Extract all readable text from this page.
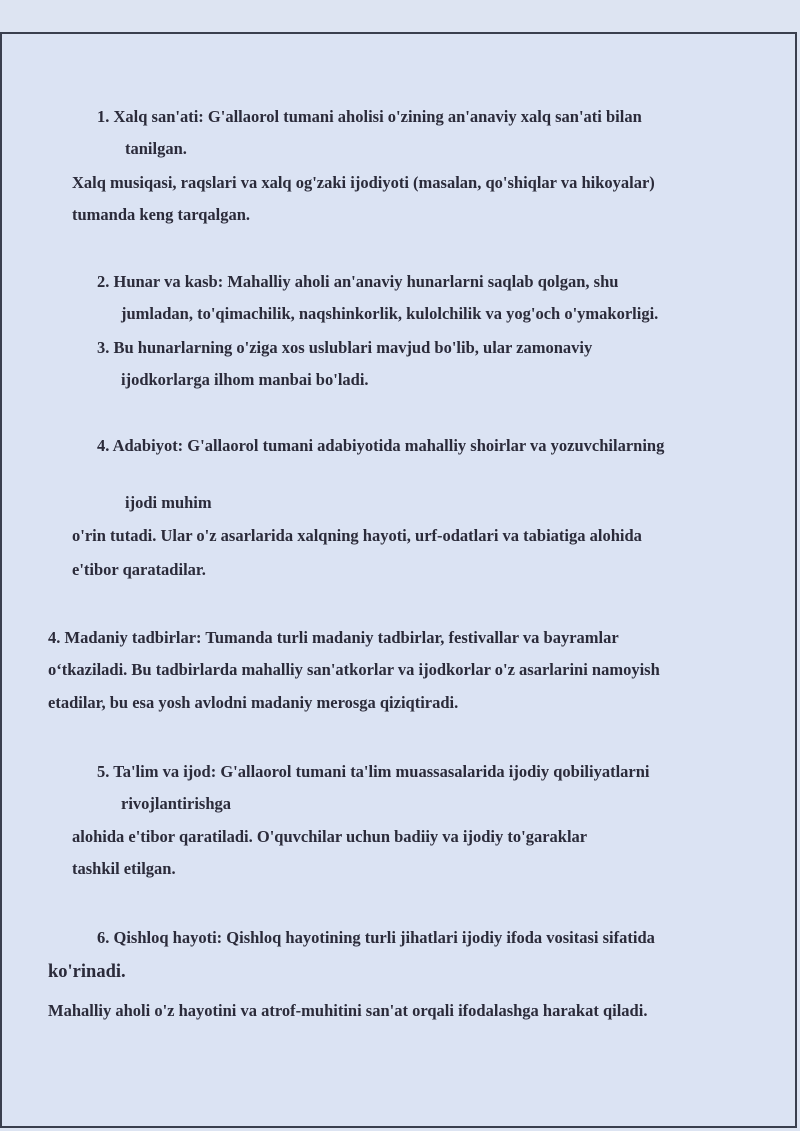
1. Xalq san'ati: G'allaorol tumani aholisi o'zining an'anaviy xalq san'ati bilan
tanilgan.
Xalq musiqasi, raqslari va xalq og'zaki ijodiyoti (masalan, qo'shiqlar va hikoyalar)
tumanda keng tarqalgan.
2. Hunar va kasb: Mahalliy aholi an'anaviy hunarlarni saqlab qolgan, shu
jumladan, to'qimachilik, naqshinkorlik, kulolchilik va yog'och o'ymakorligi.
3. Bu hunarlarning o'ziga xos uslublari mavjud bo'lib, ular zamonaviy
ijodkorlarga ilhom manbai bo'ladi.
4. Adabiyot: G'allaorol tumani adabiyotida mahalliy shoirlar va yozuvchilarning
ijodi muhim
o'rin tutadi. Ular o'z asarlarida xalqning hayoti, urf-odatlari va tabiatiga alohida
e'tibor qaratadilar.
4. Madaniy tadbirlar: Tumanda turli madaniy tadbirlar, festivallar va bayramlar
o‘tkaziladi. Bu tadbirlarda mahalliy san'atkorlar va ijodkorlar o'z asarlarini namoyish
etadilar, bu esa yosh avlodni madaniy merosga qiziqtiradi.
5. Ta'lim va ijod: G'allaorol tumani ta'lim muassasalarida ijodiy qobiliyatlarni
rivojlantirishga
alohida e'tibor qaratiladi. O'quvchilar uchun badiiy va ijodiy to'garaklar
tashkil etilgan.
6. Qishloq hayoti: Qishloq hayotining turli jihatlari ijodiy ifoda vositasi sifatida
ko'rinadi.
Mahalliy aholi o'z hayotini va atrof-muhitini san'at orqali ifodalashga harakat qiladi.
